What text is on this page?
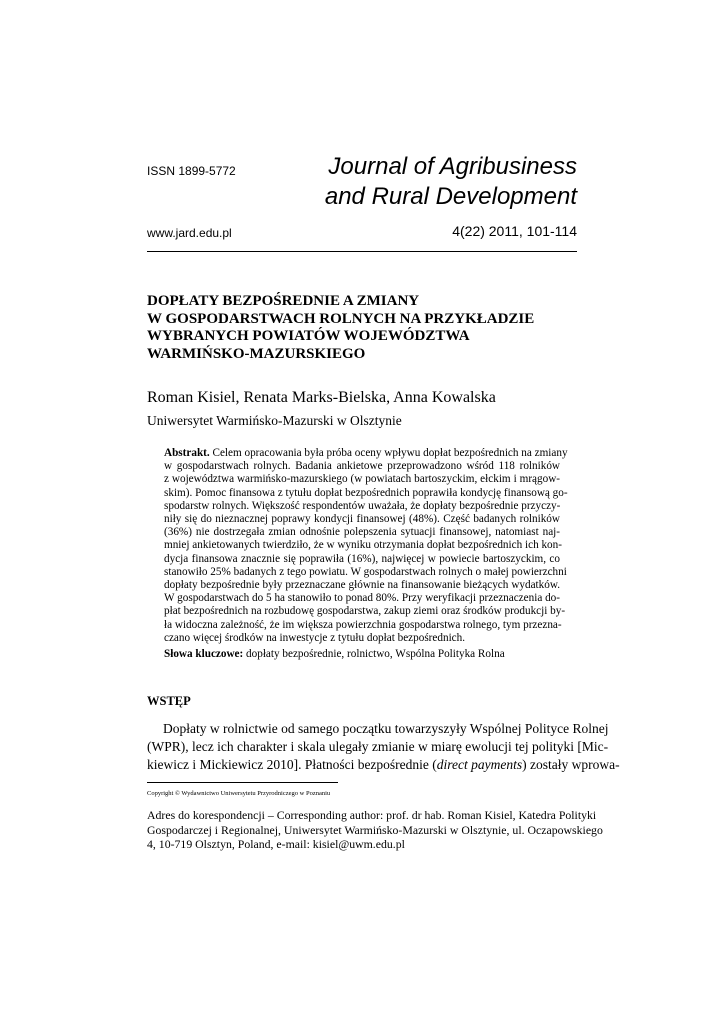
ISSN 1899-5772	Journal of Agribusiness
and Rural Development
www.jard.edu.pl	4(22) 2011, 101-114
DOPŁATY BEZPOŚREDNIE A ZMIANY
W GOSPODARSTWACH ROLNYCH NA PRZYKŁADZIE
WYBRANYCH POWIATÓW WOJEWÓDZTWA
WARMIŃSKO-MAZURSKIEGO
Roman Kisiel, Renata Marks-Bielska, Anna Kowalska
Uniwersytet Warmińsko-Mazurski w Olsztynie
Abstrakt. Celem opracowania była próba oceny wpływu dopłat bezpośrednich na zmiany
w gospodarstwach rolnych. Badania ankietowe przeprowadzono wśród 118 rolników
z województwa warmińsko-mazurskiego (w powiatach bartoszyckim, ełckim i mrągow-
skim). Pomoc finansowa z tytułu dopłat bezpośrednich poprawiła kondycję finansową go-
spodarstw rolnych. Większość respondentów uważała, że dopłaty bezpośrednie przyczy-
niły się do nieznacznej poprawy kondycji finansowej (48%). Część badanych rolników
(36%) nie dostrzegała zmian odnośnie polepszenia sytuacji finansowej, natomiast naj-
mniej ankietowanych twierdziło, że w wyniku otrzymania dopłat bezpośrednich ich kon-
dycja finansowa znacznie się poprawiła (16%), najwięcej w powiecie bartoszyckim, co
stanowiło 25% badanych z tego powiatu. W gospodarstwach rolnych o małej powierzchni
dopłaty bezpośrednie były przeznaczane głównie na finansowanie bieżących wydatków.
W gospodarstwach do 5 ha stanowiło to ponad 80%. Przy weryfikacji przeznaczenia do-
płat bezpośrednich na rozbudowę gospodarstwa, zakup ziemi oraz środków produkcji by-
ła widoczna zależność, że im większa powierzchnia gospodarstwa rolnego, tym przezna-
czano więcej środków na inwestycje z tytułu dopłat bezpośrednich.
Słowa kluczowe: dopłaty bezpośrednie, rolnictwo, Wspólna Polityka Rolna
WSTĘP
Dopłaty w rolnictwie od samego początku towarzyszyły Wspólnej Polityce Rolnej
(WPR), lecz ich charakter i skala ulegały zmianie w miarę ewolucji tej polityki [Mic-
kiewicz i Mickiewicz 2010]. Płatności bezpośrednie (direct payments) zostały wprowa-
Copyright © Wydawnictwo Uniwersytetu Przyrodniczego w Poznaniu
Adres do korespondencji – Corresponding author: prof. dr hab. Roman Kisiel, Katedra Polityki
Gospodarczej i Regionalnej, Uniwersytet Warmińsko-Mazurski w Olsztynie, ul. Oczapowskiego
4, 10-719 Olsztyn, Poland, e-mail: kisiel@uwm.edu.pl
